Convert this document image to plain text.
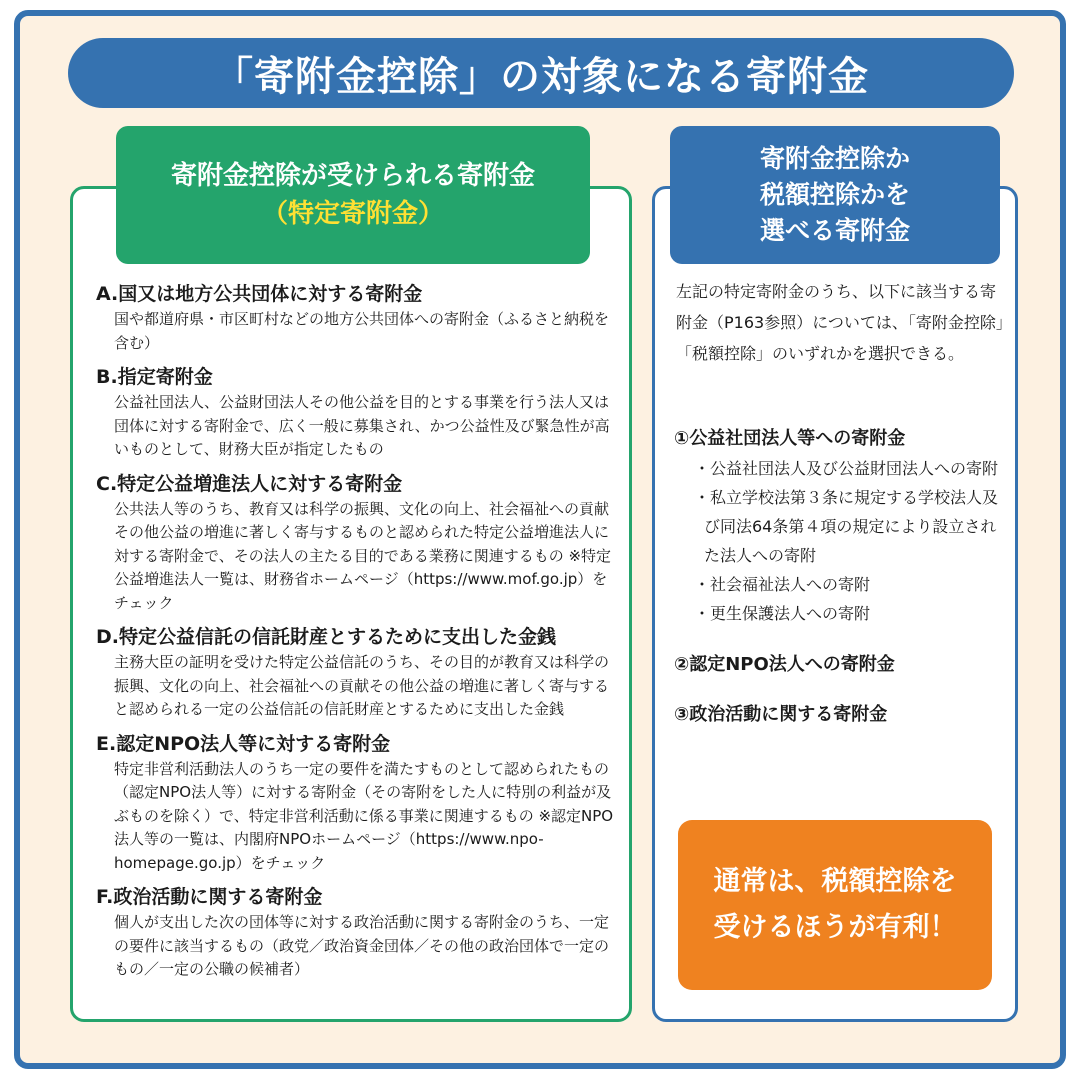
「寄附金控除」の対象になる寄附金
寄附金控除が受けられる寄附金
（特定寄附金）
A.国又は地方公共団体に対する寄附金
国や都道府県・市区町村などの地方公共団体への寄附金（ふるさと納税を含む）
B.指定寄附金
公益社団法人、公益財団法人その他公益を目的とする事業を行う法人又は団体に対する寄附金で、広く一般に募集され、かつ公益性及び緊急性が高いものとして、財務大臣が指定したもの
C.特定公益増進法人に対する寄附金
公共法人等のうち、教育又は科学の振興、文化の向上、社会福祉への貢献その他公益の増進に著しく寄与するものと認められた特定公益増進法人に対する寄附金で、その法人の主たる目的である業務に関連するもの ※特定公益増進法人一覧は、財務省ホームページ（https://www.mof.go.jp）をチェック
D.特定公益信託の信託財産とするために支出した金銭
主務大臣の証明を受けた特定公益信託のうち、その目的が教育又は科学の振興、文化の向上、社会福祉への貢献その他公益の増進に著しく寄与すると認められる一定の公益信託の信託財産とするために支出した金銭
E.認定NPO法人等に対する寄附金
特定非営利活動法人のうち一定の要件を満たすものとして認められたもの（認定NPO法人等）に対する寄附金（その寄附をした人に特別の利益が及ぶものを除く）で、特定非営利活動に係る事業に関連するもの ※認定NPO法人等の一覧は、内閣府NPOホームページ（https://www.npo-homepage.go.jp）をチェック
F.政治活動に関する寄附金
個人が支出した次の団体等に対する政治活動に関する寄附金のうち、一定の要件に該当するもの（政党／政治資金団体／その他の政治団体で一定のもの／一定の公職の候補者）
寄附金控除か
税額控除かを
選べる寄附金
左記の特定寄附金のうち、以下に該当する寄附金（P163参照）については、「寄附金控除」「税額控除」のいずれかを選択できる。
①公益社団法人等への寄附金
・公益社団法人及び公益財団法人への寄附
・私立学校法第３条に規定する学校法人及び同法64条第４項の規定により設立された法人への寄附
・社会福祉法人への寄附
・更生保護法人への寄附
②認定NPO法人への寄附金
③政治活動に関する寄附金
通常は、税額控除を
受けるほうが有利！
